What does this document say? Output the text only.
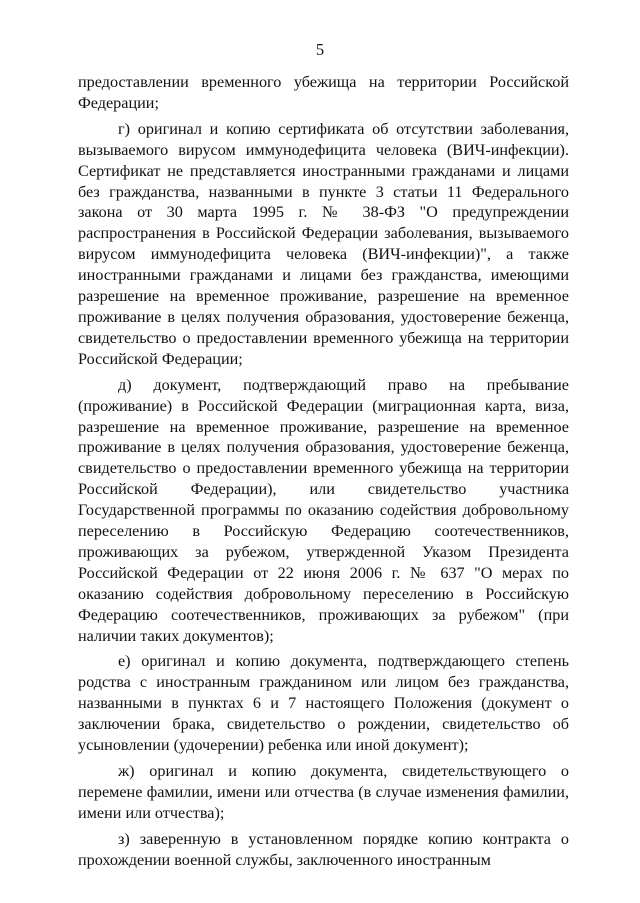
5

предоставлении временного убежища на территории Российской Федерации;

г) оригинал и копию сертификата об отсутствии заболевания, вызываемого вирусом иммунодефицита человека (ВИЧ-инфекции). Сертификат не представляется иностранными гражданами и лицами без гражданства, названными в пункте 3 статьи 11 Федерального закона от 30 марта 1995 г. № 38-ФЗ "О предупреждении распространения в Российской Федерации заболевания, вызываемого вирусом иммунодефицита человека (ВИЧ-инфекции)", а также иностранными гражданами и лицами без гражданства, имеющими разрешение на временное проживание, разрешение на временное проживание в целях получения образования, удостоверение беженца, свидетельство о предоставлении временного убежища на территории Российской Федерации;

д) документ, подтверждающий право на пребывание (проживание) в Российской Федерации (миграционная карта, виза, разрешение на временное проживание, разрешение на временное проживание в целях получения образования, удостоверение беженца, свидетельство о предоставлении временного убежища на территории Российской Федерации), или свидетельство участника Государственной программы по оказанию содействия добровольному переселению в Российскую Федерацию соотечественников, проживающих за рубежом, утвержденной Указом Президента Российской Федерации от 22 июня 2006 г. № 637 "О мерах по оказанию содействия добровольному переселению в Российскую Федерацию соотечественников, проживающих за рубежом" (при наличии таких документов);

е) оригинал и копию документа, подтверждающего степень родства с иностранным гражданином или лицом без гражданства, названными в пунктах 6 и 7 настоящего Положения (документ о заключении брака, свидетельство о рождении, свидетельство об усыновлении (удочерении) ребенка или иной документ);

ж) оригинал и копию документа, свидетельствующего о перемене фамилии, имени или отчества (в случае изменения фамилии, имени или отчества);

з) заверенную в установленном порядке копию контракта о прохождении военной службы, заключенного иностранным
